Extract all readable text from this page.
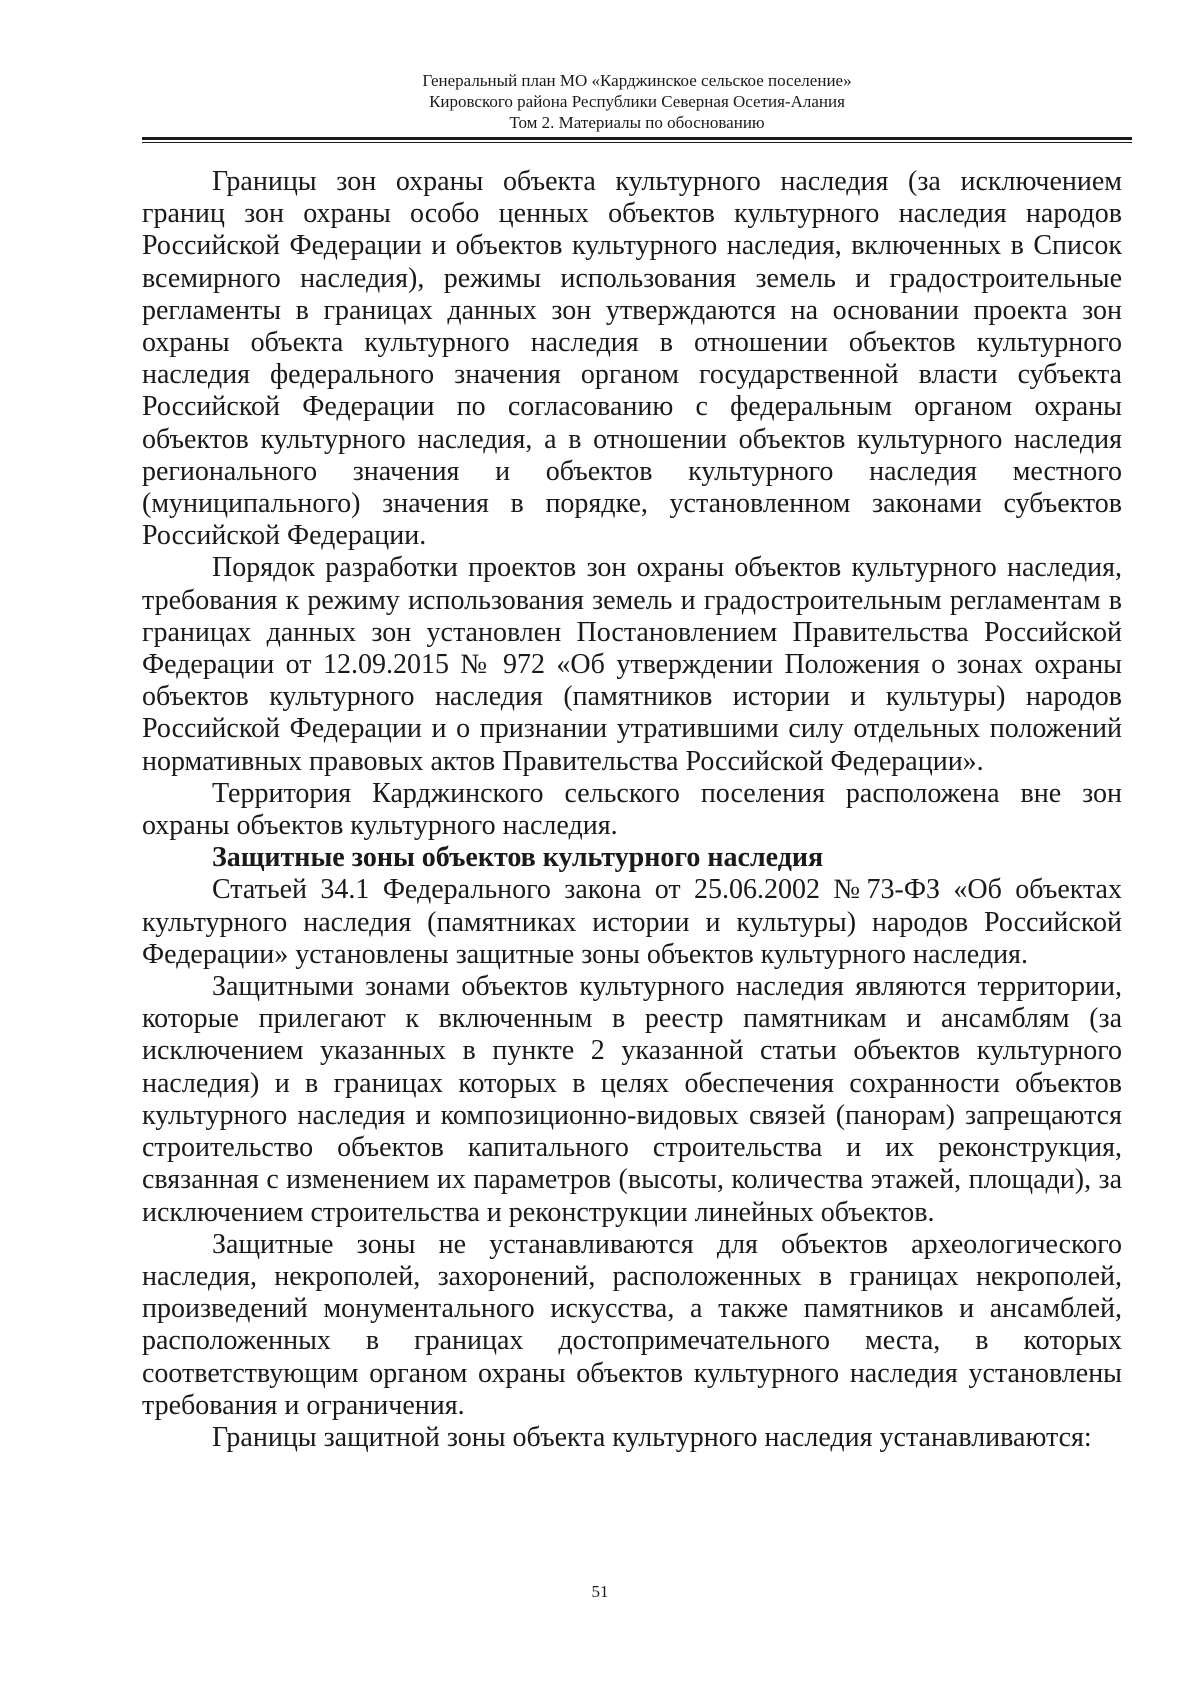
Генеральный план МО «Карджинское сельское поселение»
Кировского района Республики Северная Осетия-Алания
Том 2. Материалы по обоснованию

Границы зон охраны объекта культурного наследия (за исключением границ зон охраны особо ценных объектов культурного наследия народов Российской Федерации и объектов культурного наследия, включенных в Список всемирного наследия), режимы использования земель и градостроительные регламенты в границах данных зон утверждаются на основании проекта зон охраны объекта культурного наследия в отношении объектов культурного наследия федерального значения органом государственной власти субъекта Российской Федерации по согласованию с федеральным органом охраны объектов культурного наследия, а в отношении объектов культурного наследия регионального значения и объектов культурного наследия местного (муниципального) значения в порядке, установленном законами субъектов Российской Федерации.

Порядок разработки проектов зон охраны объектов культурного наследия, требования к режиму использования земель и градостроительным регламентам в границах данных зон установлен Постановлением Правительства Российской Федерации от 12.09.2015 № 972 «Об утверждении Положения о зонах охраны объектов культурного наследия (памятников истории и культуры) народов Российской Федерации и о признании утратившими силу отдельных положений нормативных правовых актов Правительства Российской Федерации».

Территория Карджинского сельского поселения расположена вне зон охраны объектов культурного наследия.

Защитные зоны объектов культурного наследия

Статьей 34.1 Федерального закона от 25.06.2002 №73-ФЗ «Об объектах культурного наследия (памятниках истории и культуры) народов Российской Федерации» установлены защитные зоны объектов культурного наследия.

Защитными зонами объектов культурного наследия являются территории, которые прилегают к включенным в реестр памятникам и ансамблям (за исключением указанных в пункте 2 указанной статьи объектов культурного наследия) и в границах которых в целях обеспечения сохранности объектов культурного наследия и композиционно-видовых связей (панорам) запрещаются строительство объектов капитального строительства и их реконструкция, связанная с изменением их параметров (высоты, количества этажей, площади), за исключением строительства и реконструкции линейных объектов.

Защитные зоны не устанавливаются для объектов археологического наследия, некрополей, захоронений, расположенных в границах некрополей, произведений монументального искусства, а также памятников и ансамблей, расположенных в границах достопримечательного места, в которых соответствующим органом охраны объектов культурного наследия установлены требования и ограничения.

Границы защитной зоны объекта культурного наследия устанавливаются:

51
